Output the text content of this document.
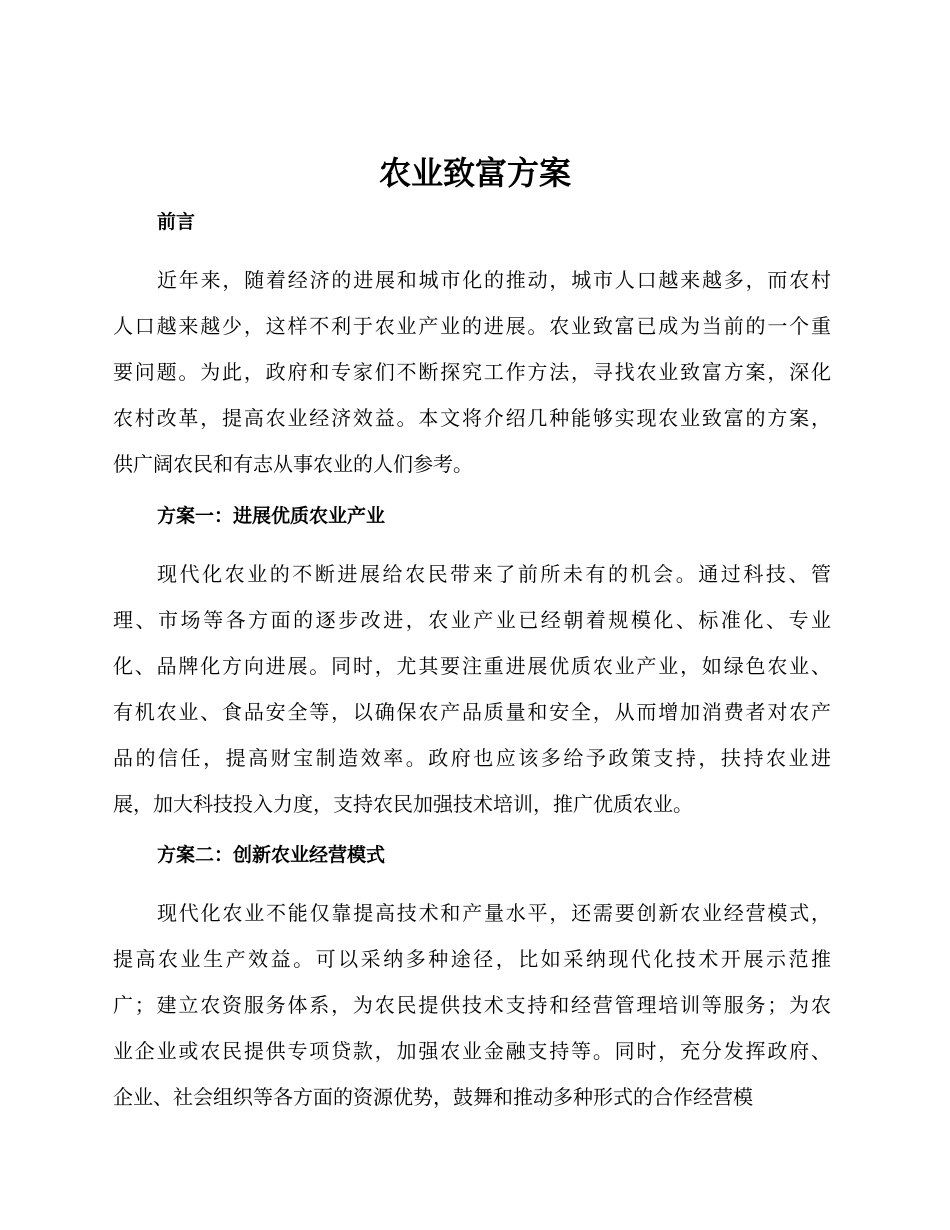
农业致富方案
前言
近年来，随着经济的进展和城市化的推动，城市人口越来越多，而农村
人口越来越少，这样不利于农业产业的进展。农业致富已成为当前的一个重
要问题。为此，政府和专家们不断探究工作方法，寻找农业致富方案，深化
农村改革，提高农业经济效益。本文将介绍几种能够实现农业致富的方案，
供广阔农民和有志从事农业的人们参考。
方案一：进展优质农业产业
现代化农业的不断进展给农民带来了前所未有的机会。通过科技、管
理、市场等各方面的逐步改进，农业产业已经朝着规模化、标准化、专业
化、品牌化方向进展。同时，尤其要注重进展优质农业产业，如绿色农业、
有机农业、食品安全等，以确保农产品质量和安全，从而增加消费者对农产
品的信任，提高财宝制造效率。政府也应该多给予政策支持，扶持农业进
展，加大科技投入力度，支持农民加强技术培训，推广优质农业。
方案二：创新农业经营模式
现代化农业不能仅靠提高技术和产量水平，还需要创新农业经营模式，
提高农业生产效益。可以采纳多种途径，比如采纳现代化技术开展示范推
广；建立农资服务体系，为农民提供技术支持和经营管理培训等服务；为农
业企业或农民提供专项贷款，加强农业金融支持等。同时，充分发挥政府、
企业、社会组织等各方面的资源优势，鼓舞和推动多种形式的合作经营模
